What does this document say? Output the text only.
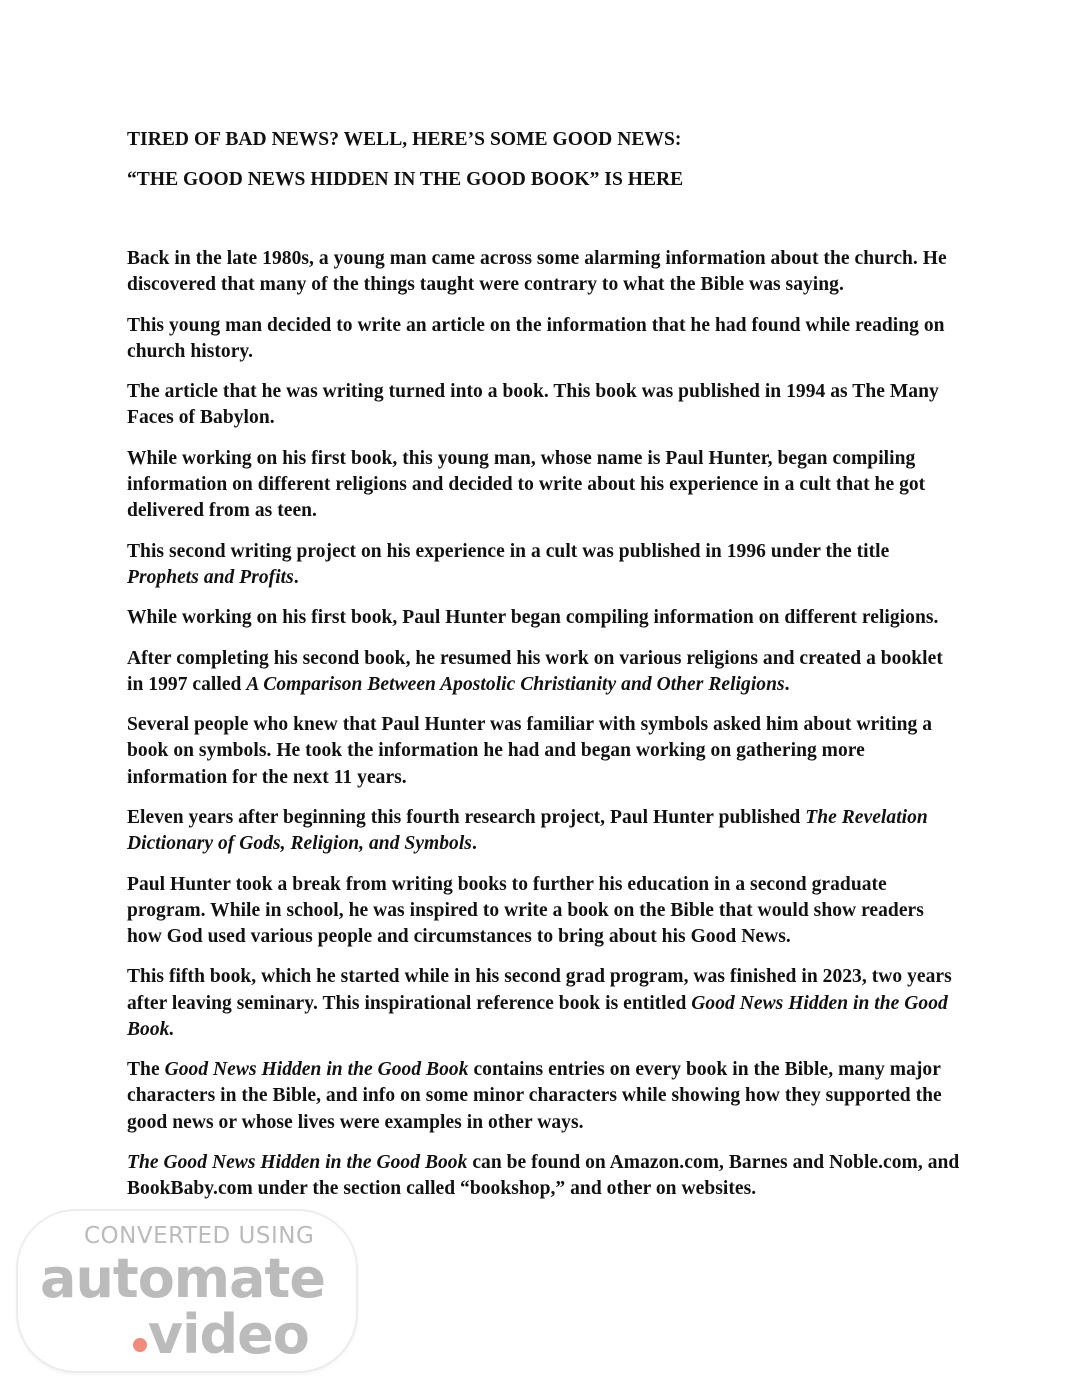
TIRED OF BAD NEWS? WELL, HERE’S SOME GOOD NEWS:

“THE GOOD NEWS HIDDEN IN THE GOOD BOOK” IS HERE

Back in the late 1980s, a young man came across some alarming information about the church. He discovered that many of the things taught were contrary to what the Bible was saying.

This young man decided to write an article on the information that he had found while reading on church history.

The article that he was writing turned into a book. This book was published in 1994 as The Many Faces of Babylon.

While working on his first book, this young man, whose name is Paul Hunter, began compiling information on different religions and decided to write about his experience in a cult that he got delivered from as teen.

This second writing project on his experience in a cult was published in 1996 under the title Prophets and Profits.

While working on his first book, Paul Hunter began compiling information on different religions.

After completing his second book, he resumed his work on various religions and created a booklet in 1997 called A Comparison Between Apostolic Christianity and Other Religions.

Several people who knew that Paul Hunter was familiar with symbols asked him about writing a book on symbols. He took the information he had and began working on gathering more information for the next 11 years.

Eleven years after beginning this fourth research project, Paul Hunter published The Revelation Dictionary of Gods, Religion, and Symbols.

Paul Hunter took a break from writing books to further his education in a second graduate program. While in school, he was inspired to write a book on the Bible that would show readers how God used various people and circumstances to bring about his Good News.

This fifth book, which he started while in his second grad program, was finished in 2023, two years after leaving seminary. This inspirational reference book is entitled Good News Hidden in the Good Book.

The Good News Hidden in the Good Book contains entries on every book in the Bible, many major characters in the Bible, and info on some minor characters while showing how they supported the good news or whose lives were examples in other ways.

The Good News Hidden in the Good Book can be found on Amazon.com, Barnes and Noble.com, and BookBaby.com under the section called “bookshop,” and other on websites.

CONVERTED USING
automate
video
